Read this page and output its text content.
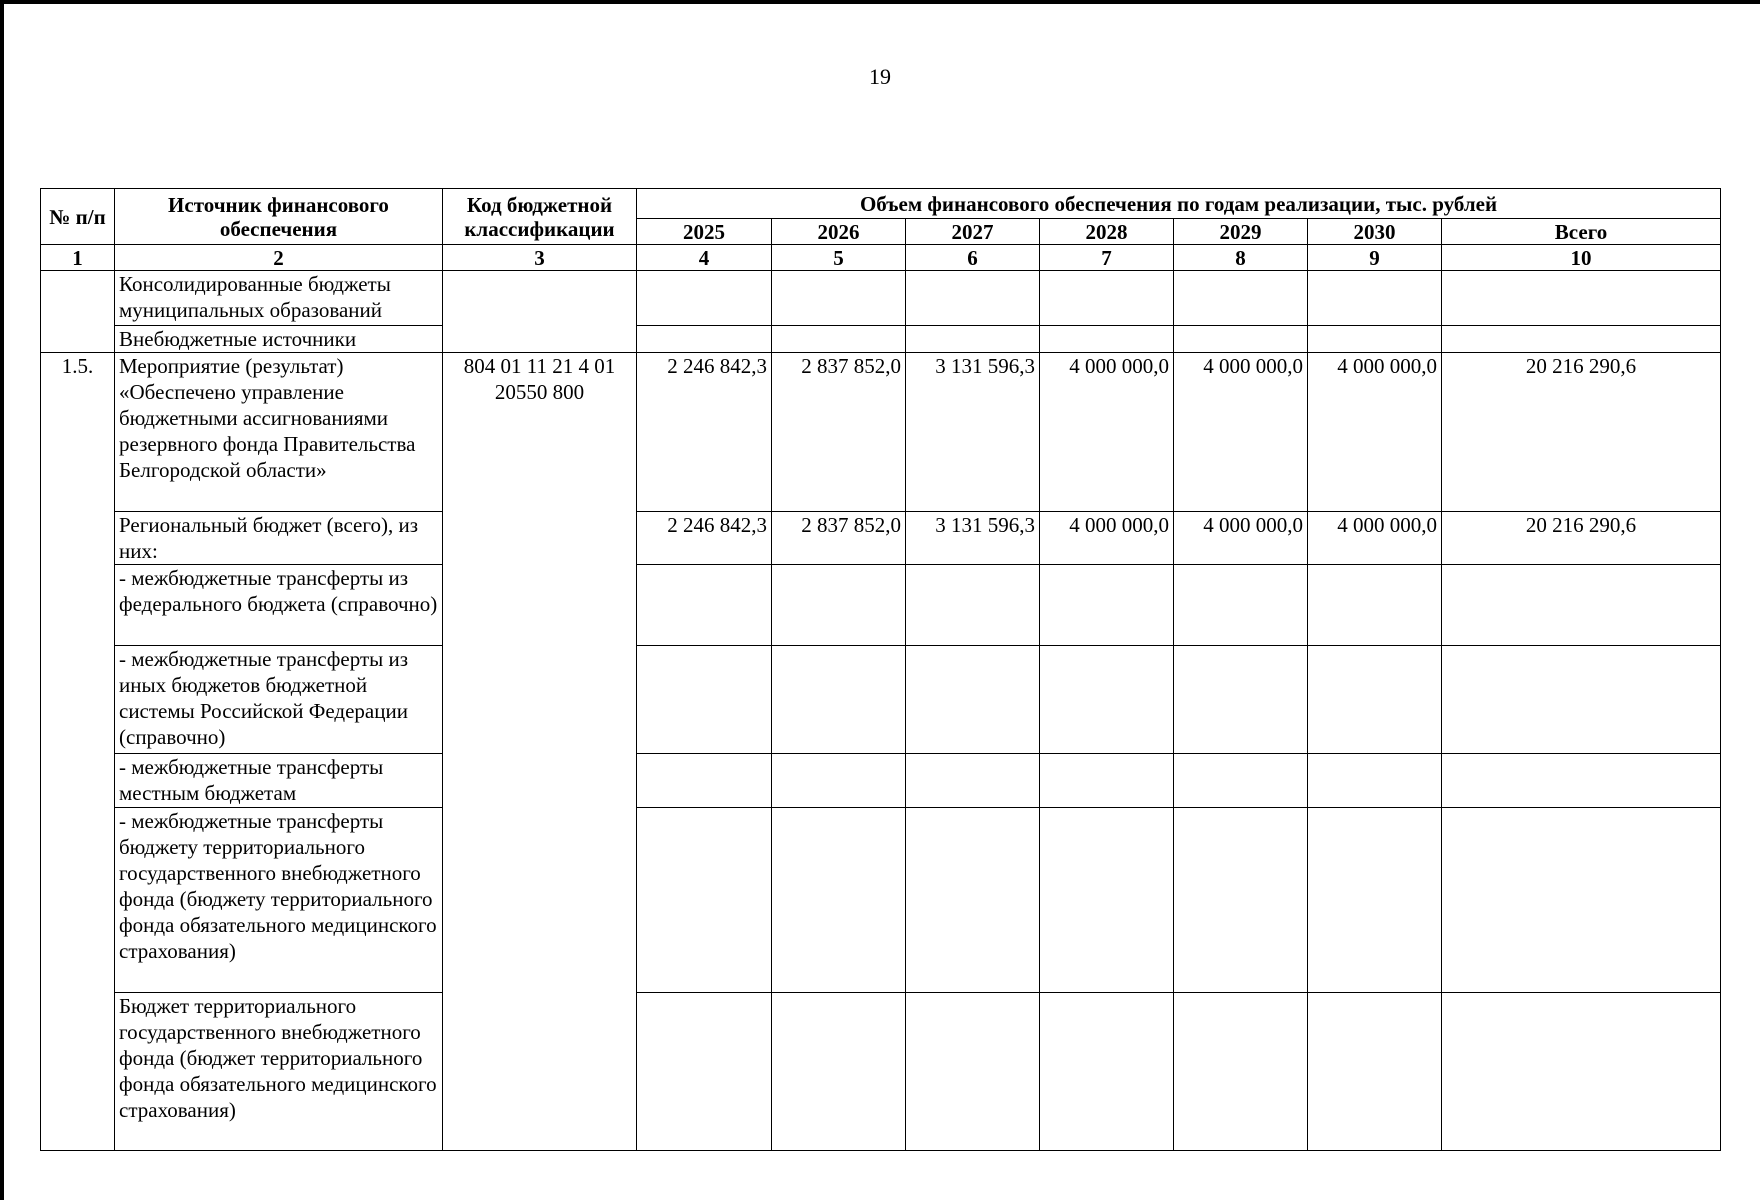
19
№ п/п	Источник финансового обеспечения	Код бюджетной классификации	Объем финансового обеспечения по годам реализации, тыс. рублей						
			2025	2026	2027	2028	2029	2030	Всего
1	2	3	4	5	6	7	8	9	10
	Консолидированные бюджеты муниципальных образований								
	Внебюджетные источники								
1.5.	Мероприятие (результат) «Обеспечено управление бюджетными ассигнованиями резервного фонда Правительства Белгородской области»	804 01 11 21 4 01 20550 800	2 246 842,3	2 837 852,0	3 131 596,3	4 000 000,0	4 000 000,0	4 000 000,0	20 216 290,6
	Региональный бюджет (всего), из них:		2 246 842,3	2 837 852,0	3 131 596,3	4 000 000,0	4 000 000,0	4 000 000,0	20 216 290,6
	- межбюджетные трансферты из федерального бюджета (справочно)								
	- межбюджетные трансферты из иных бюджетов бюджетной системы Российской Федерации (справочно)								
	- межбюджетные трансферты местным бюджетам								
	- межбюджетные трансферты бюджету территориального государственного внебюджетного фонда (бюджету территориального фонда обязательного медицинского страхования)								
	Бюджет территориального государственного внебюджетного фонда (бюджет территориального фонда обязательного медицинского страхования)								
